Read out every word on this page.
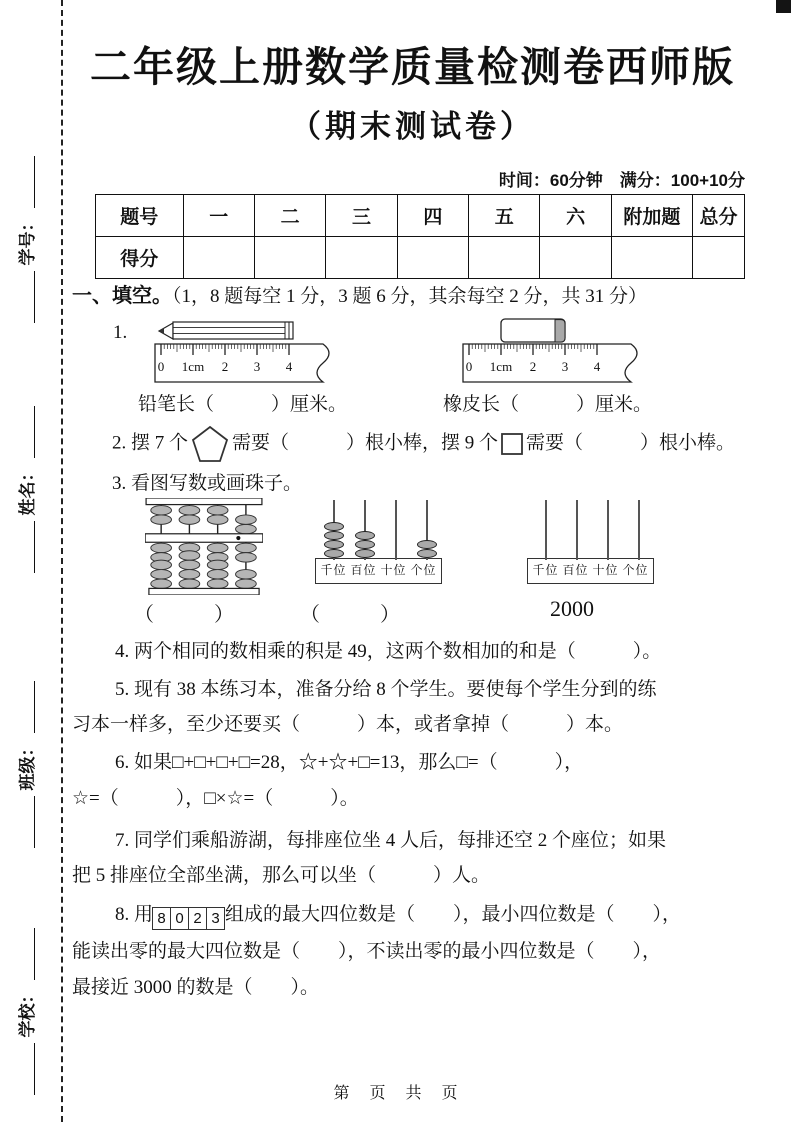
学号：
姓名：
班级：
学校：
二年级上册数学质量检测卷西师版
（期末测试卷）
时间：60分钟　满分：100+10分
题号	一	二	三	四	五	六	附加题	总分
得分								
一、填空。（1，8 题每空 1 分，3 题 6 分，其余每空 2 分，共 31 分）
1.
0 1cm 2 3 4	0 1cm 2 3 4
铅笔长（　　　）厘米。	橡皮长（　　　）厘米。
2. 摆 7 个 需要（　　　）根小棒，摆 9 个 需要（　　　）根小棒。
3. 看图写数或画珠子。
千位 百位 十位 个位	千位 百位 十位 个位
（　　　）	（　　　）	2000
4. 两个相同的数相乘的积是 49，这两个数相加的和是（　　　）。
5. 现有 38 本练习本，准备分给 8 个学生。要使每个学生分到的练
习本一样多，至少还要买（　　　）本，或者拿掉（　　　）本。
6. 如果□+□+□+□=28，☆+☆+□=13，那么□=（　　　），
☆=（　　　），□×☆=（　　　）。
7. 同学们乘船游湖，每排座位坐 4 人后，每排还空 2 个座位；如果
把 5 排座位全部坐满，那么可以坐（　　　）人。
8. 用 8 0 2 3 组成的最大四位数是（　　），最小四位数是（　　），
能读出零的最大四位数是（　　），不读出零的最小四位数是（　　），
最接近 3000 的数是（　　）。
第　页　共　页
